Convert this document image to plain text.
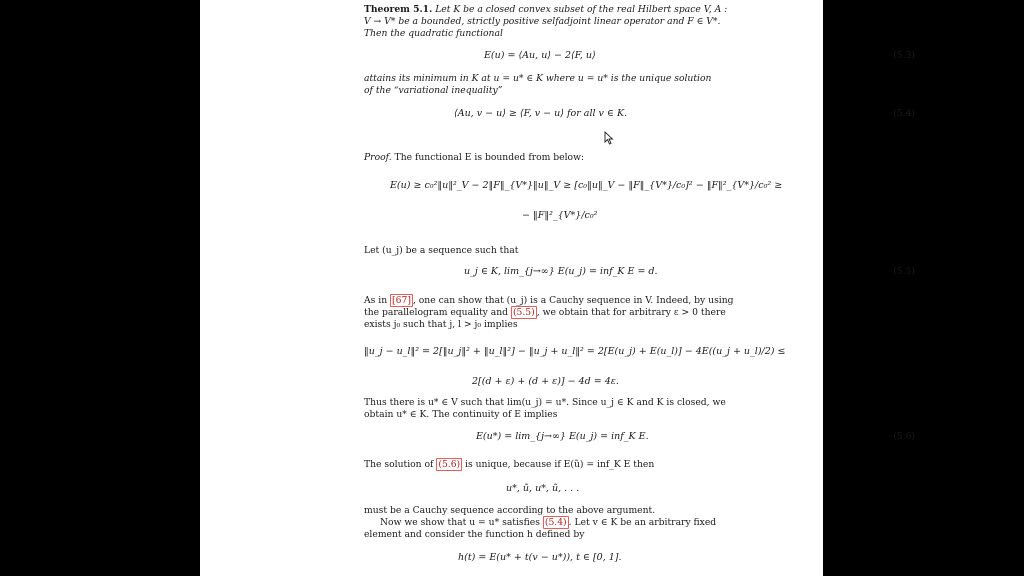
Theorem 5.1. Let K be a closed convex subset of the real Hilbert space V, A :
V → V* be a bounded, strictly positive selfadjoint linear operator and F ∈ V*.
Then the quadratic functional
E(u) = ⟨Au, u⟩ − 2⟨F, u⟩	(5.3)
attains its minimum in K at u = u* ∈ K where u = u* is the unique solution
of the “variational inequality”
⟨Au, v − u⟩ ≥ ⟨F, v − u⟩ for all v ∈ K.	(5.4)
Proof. The functional E is bounded from below:
E(u) ≥ c₀²‖u‖²_V − 2‖F‖_{V*}‖u‖_V ≥ [c₀‖u‖_V − ‖F‖_{V*}/c₀]² − ‖F‖²_{V*}/c₀² ≥
− ‖F‖²_{V*}/c₀²
Let (u_j) be a sequence such that
u_j ∈ K, lim_{j→∞} E(u_j) = inf_K E = d.	(5.5)
As in [67] , one can show that (u_j) is a Cauchy sequence in V. Indeed, by using
the parallelogram equality and (5.5) , we obtain that for arbitrary ε > 0 there
exists j₀ such that j, l > j₀ implies
‖u_j − u_l‖² = 2[‖u_j‖² + ‖u_l‖²] − ‖u_j + u_l‖² = 2[E(u_j) + E(u_l)] − 4E((u_j + u_l)/2) ≤
2[(d + ε) + (d + ε)] − 4d = 4ε.
Thus there is u* ∈ V such that lim(u_j) = u*. Since u_j ∈ K and K is closed, we
obtain u* ∈ K. The continuity of E implies
E(u*) = lim_{j→∞} E(u_j) = inf_K E.	(5.6)
The solution of (5.6) is unique, because if E(ũ) = inf_K E then
u*, ũ, u*, ũ, . . .
must be a Cauchy sequence according to the above argument.
Now we show that u = u* satisfies (5.4) . Let v ∈ K be an arbitrary fixed
element and consider the function h defined by
h(t) = E(u* + t(v − u*)), t ∈ [0, 1].
